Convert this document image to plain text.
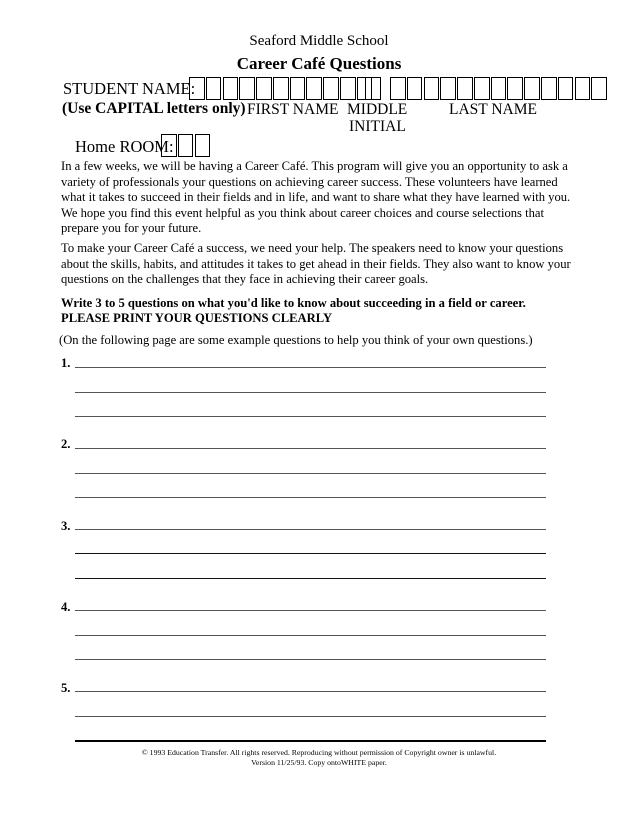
Seaford Middle School
Career Café Questions
STUDENT NAME:
(Use CAPITAL letters only) FIRST NAME MIDDLE
INITIAL
LAST NAME
Home ROOM:
In a few weeks, we will be having a Career Café. This program will give you an opportunity to ask a variety of professionals your questions on achieving career success. These volunteers have learned what it takes to succeed in their fields and in life, and want to share what they have learned with you. We hope you find this event helpful as you think about career choices and course selections that prepare you for your future.
To make your Career Café a success, we need your help. The speakers need to know your questions about the skills, habits, and attitudes it takes to get ahead in their fields. They also want to know your questions on the challenges that they face in achieving their career goals.
Write 3 to 5 questions on what you'd like to know about succeeding in a field or career.
PLEASE PRINT YOUR QUESTIONS CLEARLY
(On the following page are some example questions to help you think of your own questions.)
1.
2.
3.
4.
5.
© 1993 Education Transfer. All rights reserved. Reproducing without permission of Copyright owner is unlawful.
Version 11/25/93. Copy ontoWHITE paper.
